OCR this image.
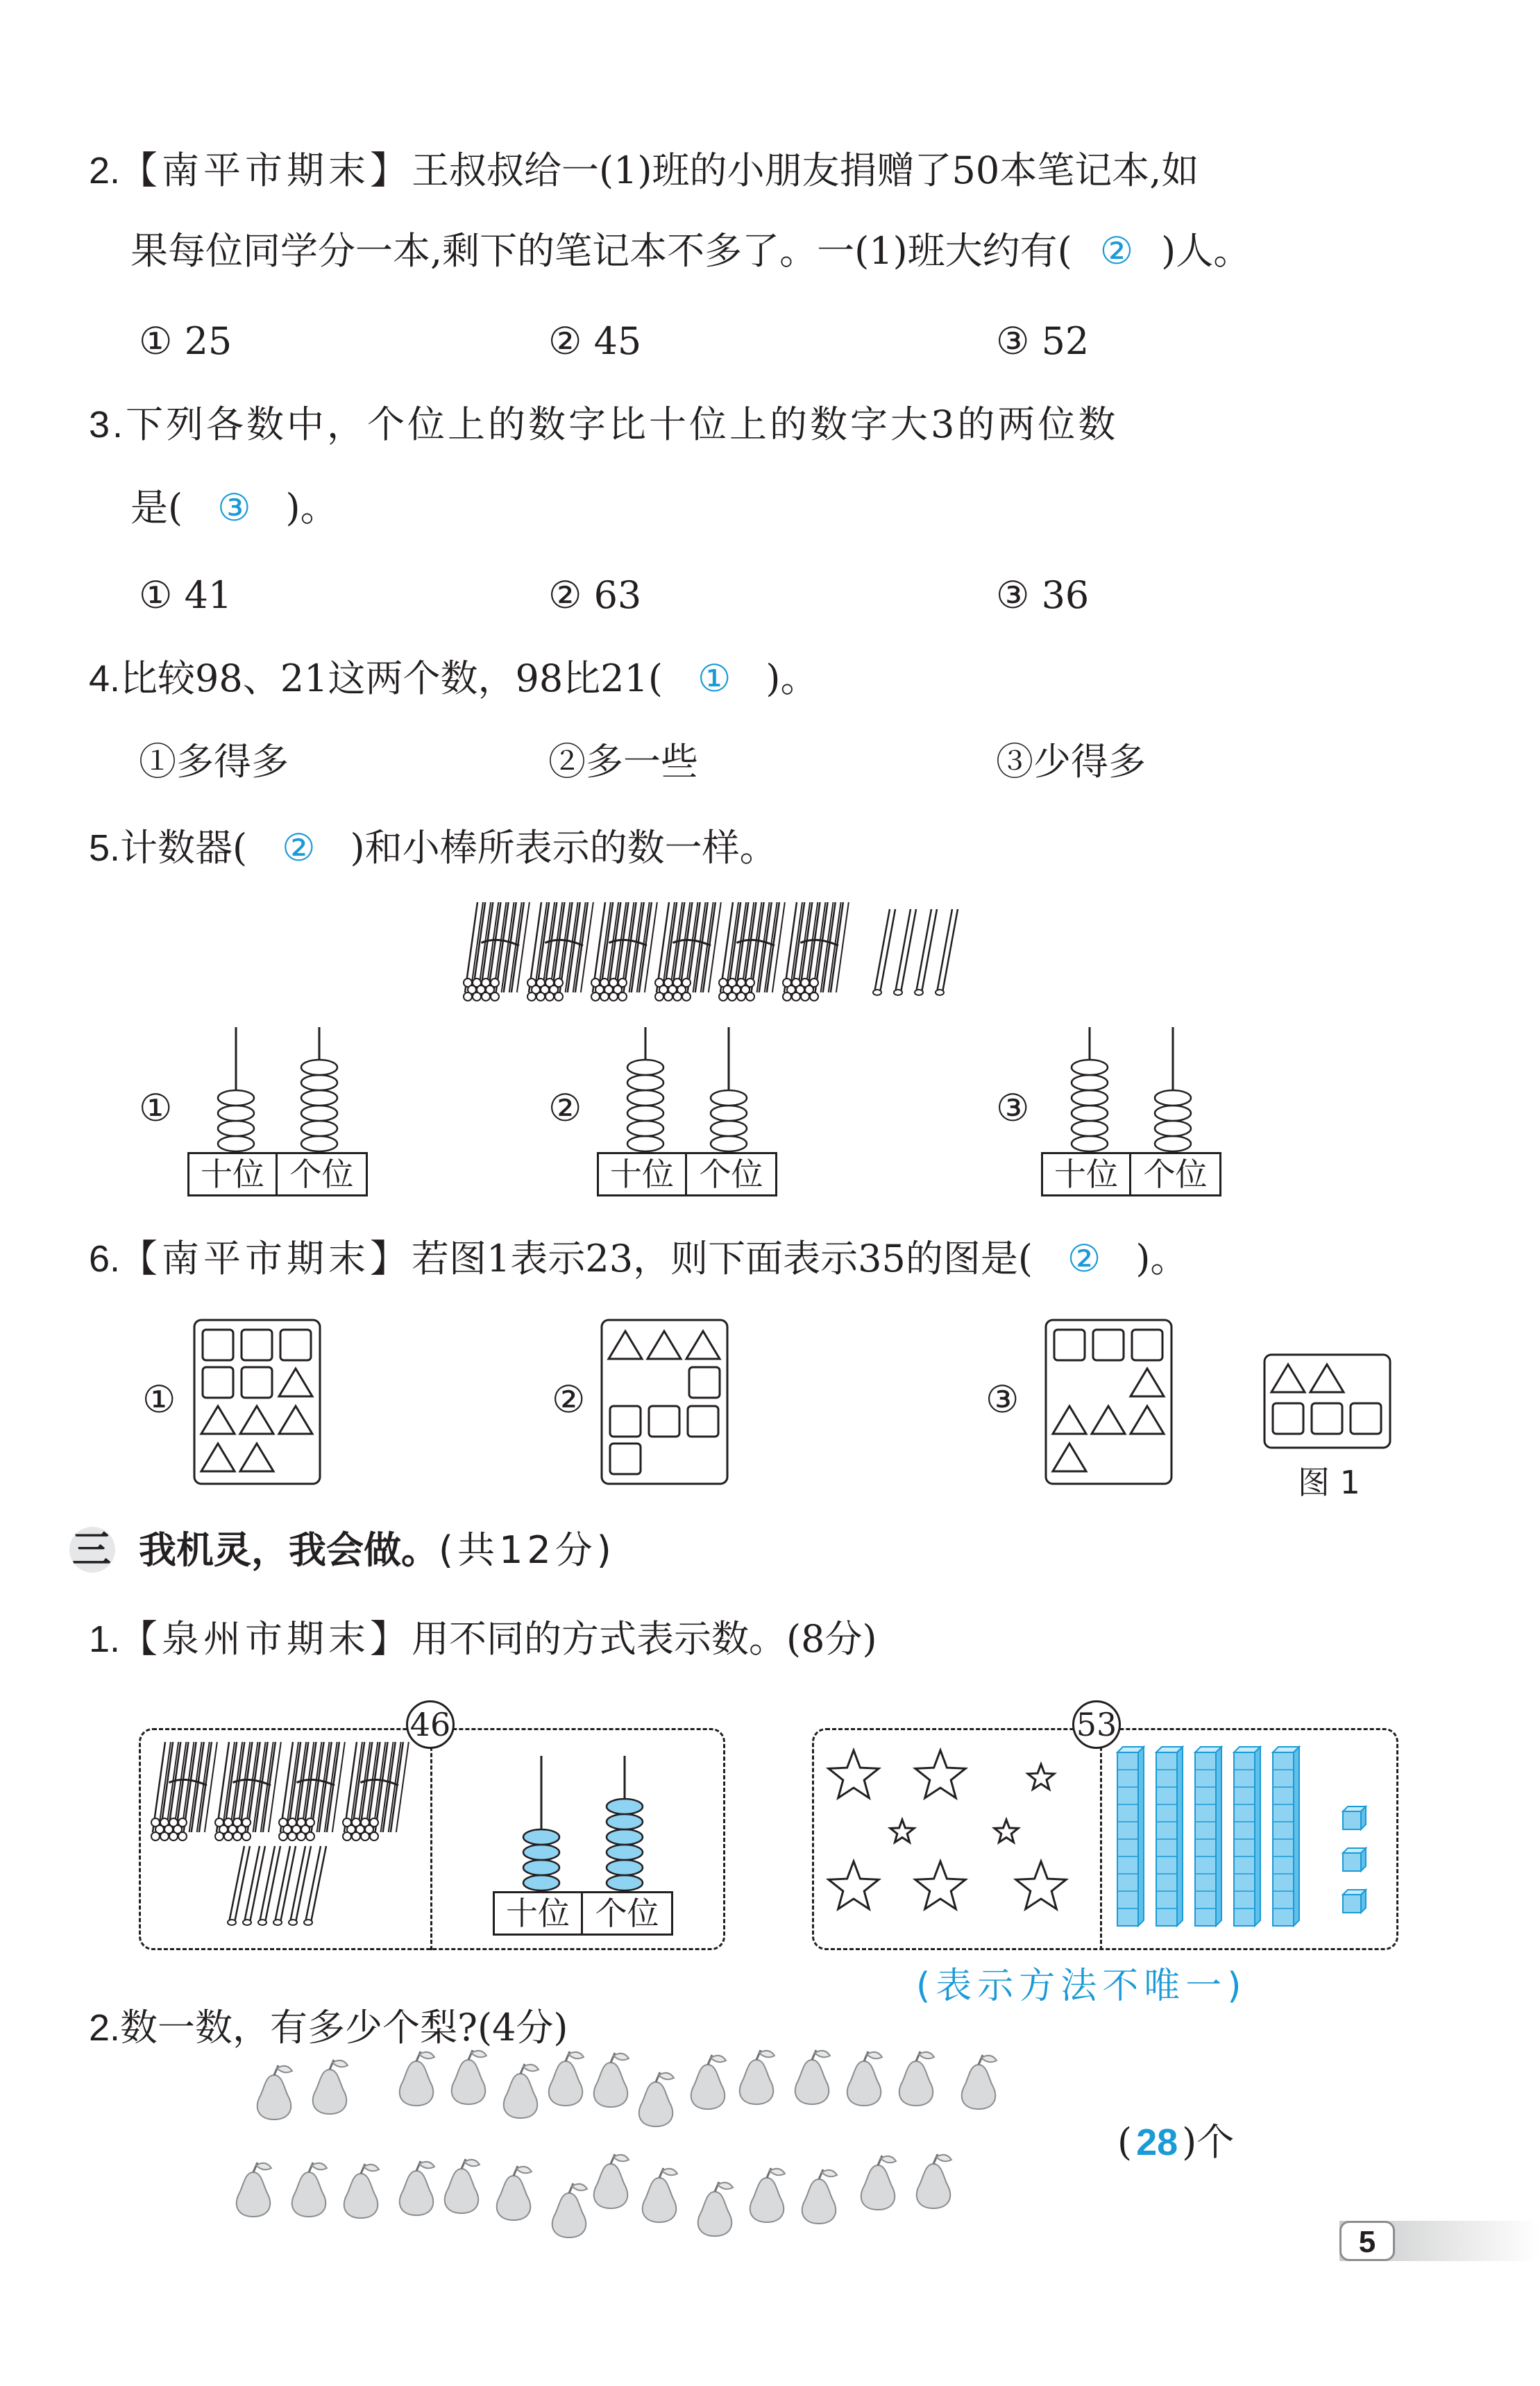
2.【南平市期末】王叔叔给一(1)班的小朋友捐赠了50本笔记本,如
果每位同学分一本,剩下的笔记本不多了。一(1)班大约有( ② )人。
① 25	② 45	③ 52
3.下列各数中，个位上的数字比十位上的数字大3的两位数
是( ③ )。
① 41	② 63	③ 36
4.比较98、21这两个数，98比21( ① )。
①多得多	②多一些	③少得多
5.计数器( ② )和小棒所表示的数一样。
①	②	③
十位 个位	十位 个位	十位 个位
6.【南平市期末】若图1表示23，则下面表示35的图是( ② )。
①	②	③
图 1
三 我机灵，我会做。(共12分)
1.【泉州市期末】用不同的方式表示数。(8分)
46
十位 个位
53
(表示方法不唯一)
2.数一数，有多少个梨?(4分)
( 28 )个
5
